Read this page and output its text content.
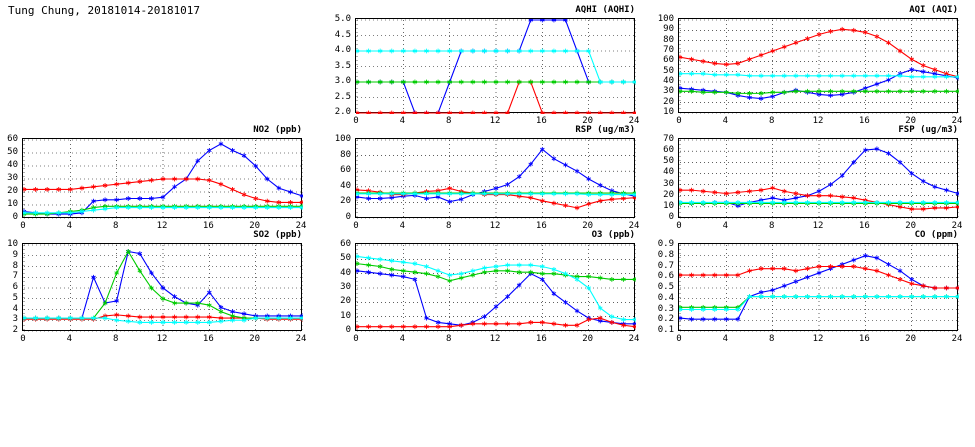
Tung Chung, 20181014-20181017	AQHI (AQHI)
0	4	8	12	16	20	24
2.0
2.5
3.0
3.5
4.0
4.5
5.0
AQI (AQI)
0	4	8	12	16	20	24
10
20
30
40
50
60
70
80
90
100
NO2 (ppb)
0	4	8	12	16	20	24
0
10
20
30
40
50
60
RSP (ug/m3)
0	4	8	12	16	20	24
0
20
40
60
80
100
FSP (ug/m3)
0	4	8	12	16	20	24
0
10
20
30
40
50
60
70
SO2 (ppb)
0	4	8	12	16	20	24
2
3
4
5
6
7
8
9
10
O3 (ppb)
0	4	8	12	16	20	24
0
10
20
30
40
50
60
CO (ppm)
0	4	8	12	16	20	24
0.1
0.2
0.3
0.4
0.5
0.6
0.7
0.8
0.9
